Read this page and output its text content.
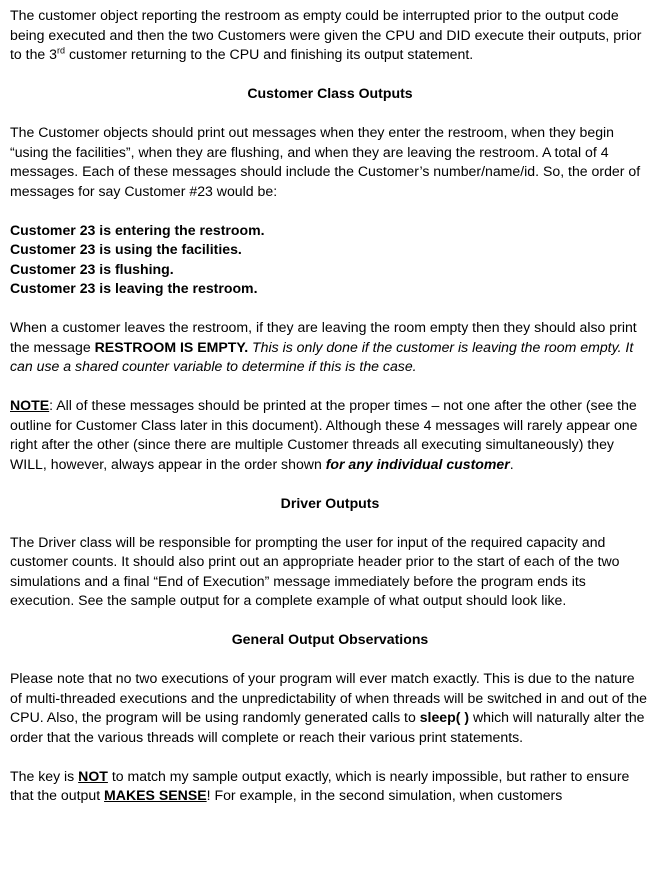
The customer object reporting the restroom as empty could be interrupted prior to the output code being executed and then the two Customers were given the CPU and DID execute their outputs, prior to the 3rd customer returning to the CPU and finishing its output statement.

Customer Class Outputs

The Customer objects should print out messages when they enter the restroom, when they begin “using the facilities”, when they are flushing, and when they are leaving the restroom. A total of 4 messages. Each of these messages should include the Customer’s number/name/id. So, the order of messages for say Customer #23 would be:

Customer 23 is entering the restroom.

Customer 23 is using the facilities.

Customer 23 is flushing.

Customer 23 is leaving the restroom.

When a customer leaves the restroom, if they are leaving the room empty then they should also print the message RESTROOM IS EMPTY. This is only done if the customer is leaving the room empty. It can use a shared counter variable to determine if this is the case.

NOTE: All of these messages should be printed at the proper times – not one after the other (see the outline for Customer Class later in this document). Although these 4 messages will rarely appear one right after the other (since there are multiple Customer threads all executing simultaneously) they WILL, however, always appear in the order shown for any individual customer.

Driver Outputs

The Driver class will be responsible for prompting the user for input of the required capacity and customer counts. It should also print out an appropriate header prior to the start of each of the two simulations and a final “End of Execution” message immediately before the program ends its execution. See the sample output for a complete example of what output should look like.

General Output Observations

Please note that no two executions of your program will ever match exactly. This is due to the nature of multi-threaded executions and the unpredictability of when threads will be switched in and out of the CPU. Also, the program will be using randomly generated calls to sleep( ) which will naturally alter the order that the various threads will complete or reach their various print statements.

The key is NOT to match my sample output exactly, which is nearly impossible, but rather to ensure that the output MAKES SENSE! For example, in the second simulation, when customers
